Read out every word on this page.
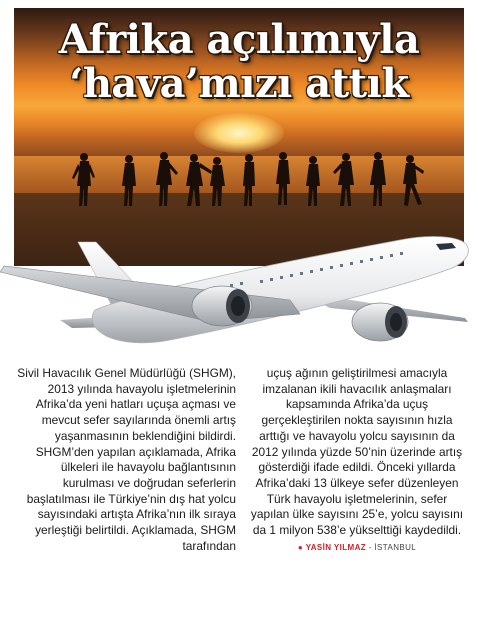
Afrika açılımıyla
‘hava’mızı attık

Sivil Havacılık Genel Müdürlüğü (SHGM), 2013 yılında havayolu işletmelerinin Afrika’da yeni hatları uçuşa açması ve mevcut sefer sayılarında önemli artış yaşanmasının beklendiğini bildirdi. SHGM’den yapılan açıklamada, Afrika ülkeleri ile havayolu bağlantısının kurulması ve doğrudan seferlerin başlatılması ile Türkiye’nin dış hat yolcu sayısındaki artışta Afrika’nın ilk sıraya yerleştiği belirtildi. Açıklamada, SHGM tarafından

uçuş ağının geliştirilmesi amacıyla imzalanan ikili havacılık anlaşmaları kapsamında Afrika’da uçuş gerçekleştirilen nokta sayısının hızla arttığı ve havayolu yolcu sayısının da 2012 yılında yüzde 50’nin üzerinde artış gösterdiği ifade edildi. Önceki yıllarda Afrika’daki 13 ülkeye sefer düzenleyen Türk havayolu işletmelerinin, sefer yapılan ülke sayısını 25’e, yolcu sayısını da 1 milyon 538’e yükselttiği kaydedildi. ● YASİN YILMAZ - İSTANBUL
